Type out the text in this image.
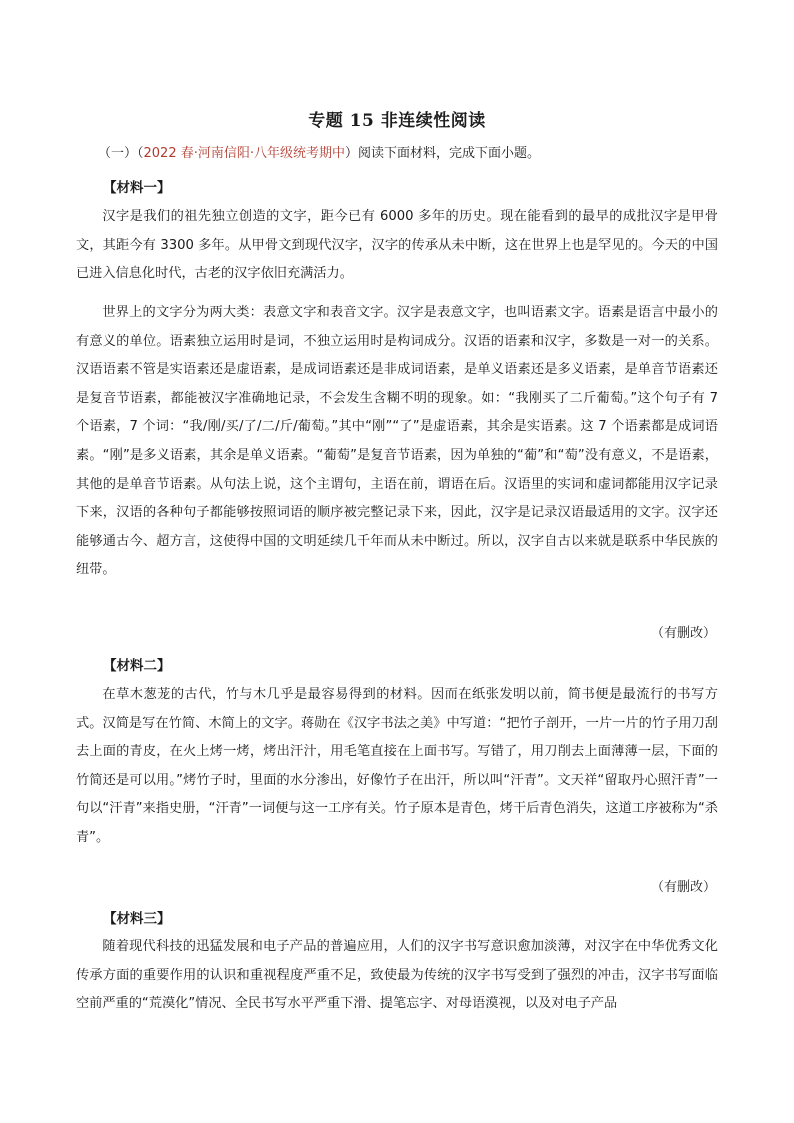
专题 15 非连续性阅读
（一）（2022 春·河南信阳·八年级统考期中）阅读下面材料，完成下面小题。
【材料一】

汉字是我们的祖先独立创造的文字，距今已有 6000 多年的历史。现在能看到的最早的成批汉字是甲骨文，其距今有 3300 多年。从甲骨文到现代汉字，汉字的传承从未中断，这在世界上也是罕见的。今天的中国已进入信息化时代，古老的汉字依旧充满活力。

世界上的文字分为两大类：表意文字和表音文字。汉字是表意文字，也叫语素文字。语素是语言中最小的有意义的单位。语素独立运用时是词，不独立运用时是构词成分。汉语的语素和汉字，多数是一对一的关系。汉语语素不管是实语素还是虚语素，是成词语素还是非成词语素，是单义语素还是多义语素，是单音节语素还是复音节语素，都能被汉字准确地记录，不会发生含糊不明的现象。如：“我刚买了二斤葡萄。”这个句子有 7 个语素，7 个词：“我/刚/买/了/二/斤/葡萄。”其中“刚”“了”是虚语素，其余是实语素。这 7 个语素都是成词语素。“刚”是多义语素，其余是单义语素。“葡萄”是复音节语素，因为单独的“葡”和“萄”没有意义，不是语素，其他的是单音节语素。从句法上说，这个主谓句，主语在前，谓语在后。汉语里的实词和虚词都能用汉字记录下来，汉语的各种句子都能够按照词语的顺序被完整记录下来，因此，汉字是记录汉语最适用的文字。汉字还能够通古今、超方言，这使得中国的文明延续几千年而从未中断过。所以，汉字自古以来就是联系中华民族的纽带。

（有删改）
【材料二】

在草木葱茏的古代，竹与木几乎是最容易得到的材料。因而在纸张发明以前，简书便是最流行的书写方式。汉简是写在竹简、木简上的文字。蒋勋在《汉字书法之美》中写道：“把竹子剖开，一片一片的竹子用刀刮去上面的青皮，在火上烤一烤，烤出汗汁，用毛笔直接在上面书写。写错了，用刀削去上面薄薄一层，下面的竹简还是可以用。”烤竹子时，里面的水分渗出，好像竹子在出汗，所以叫“汗青”。文天祥“留取丹心照汗青”一句以“汗青”来指史册，“汗青”一词便与这一工序有关。竹子原本是青色，烤干后青色消失，这道工序被称为“杀青”。

（有删改）
【材料三】

随着现代科技的迅猛发展和电子产品的普遍应用，人们的汉字书写意识愈加淡薄，对汉字在中华优秀文化传承方面的重要作用的认识和重视程度严重不足，致使最为传统的汉字书写受到了强烈的冲击，汉字书写面临空前严重的“荒漠化”情况、全民书写水平严重下滑、提笔忘字、对母语漠视，以及对电子产品
